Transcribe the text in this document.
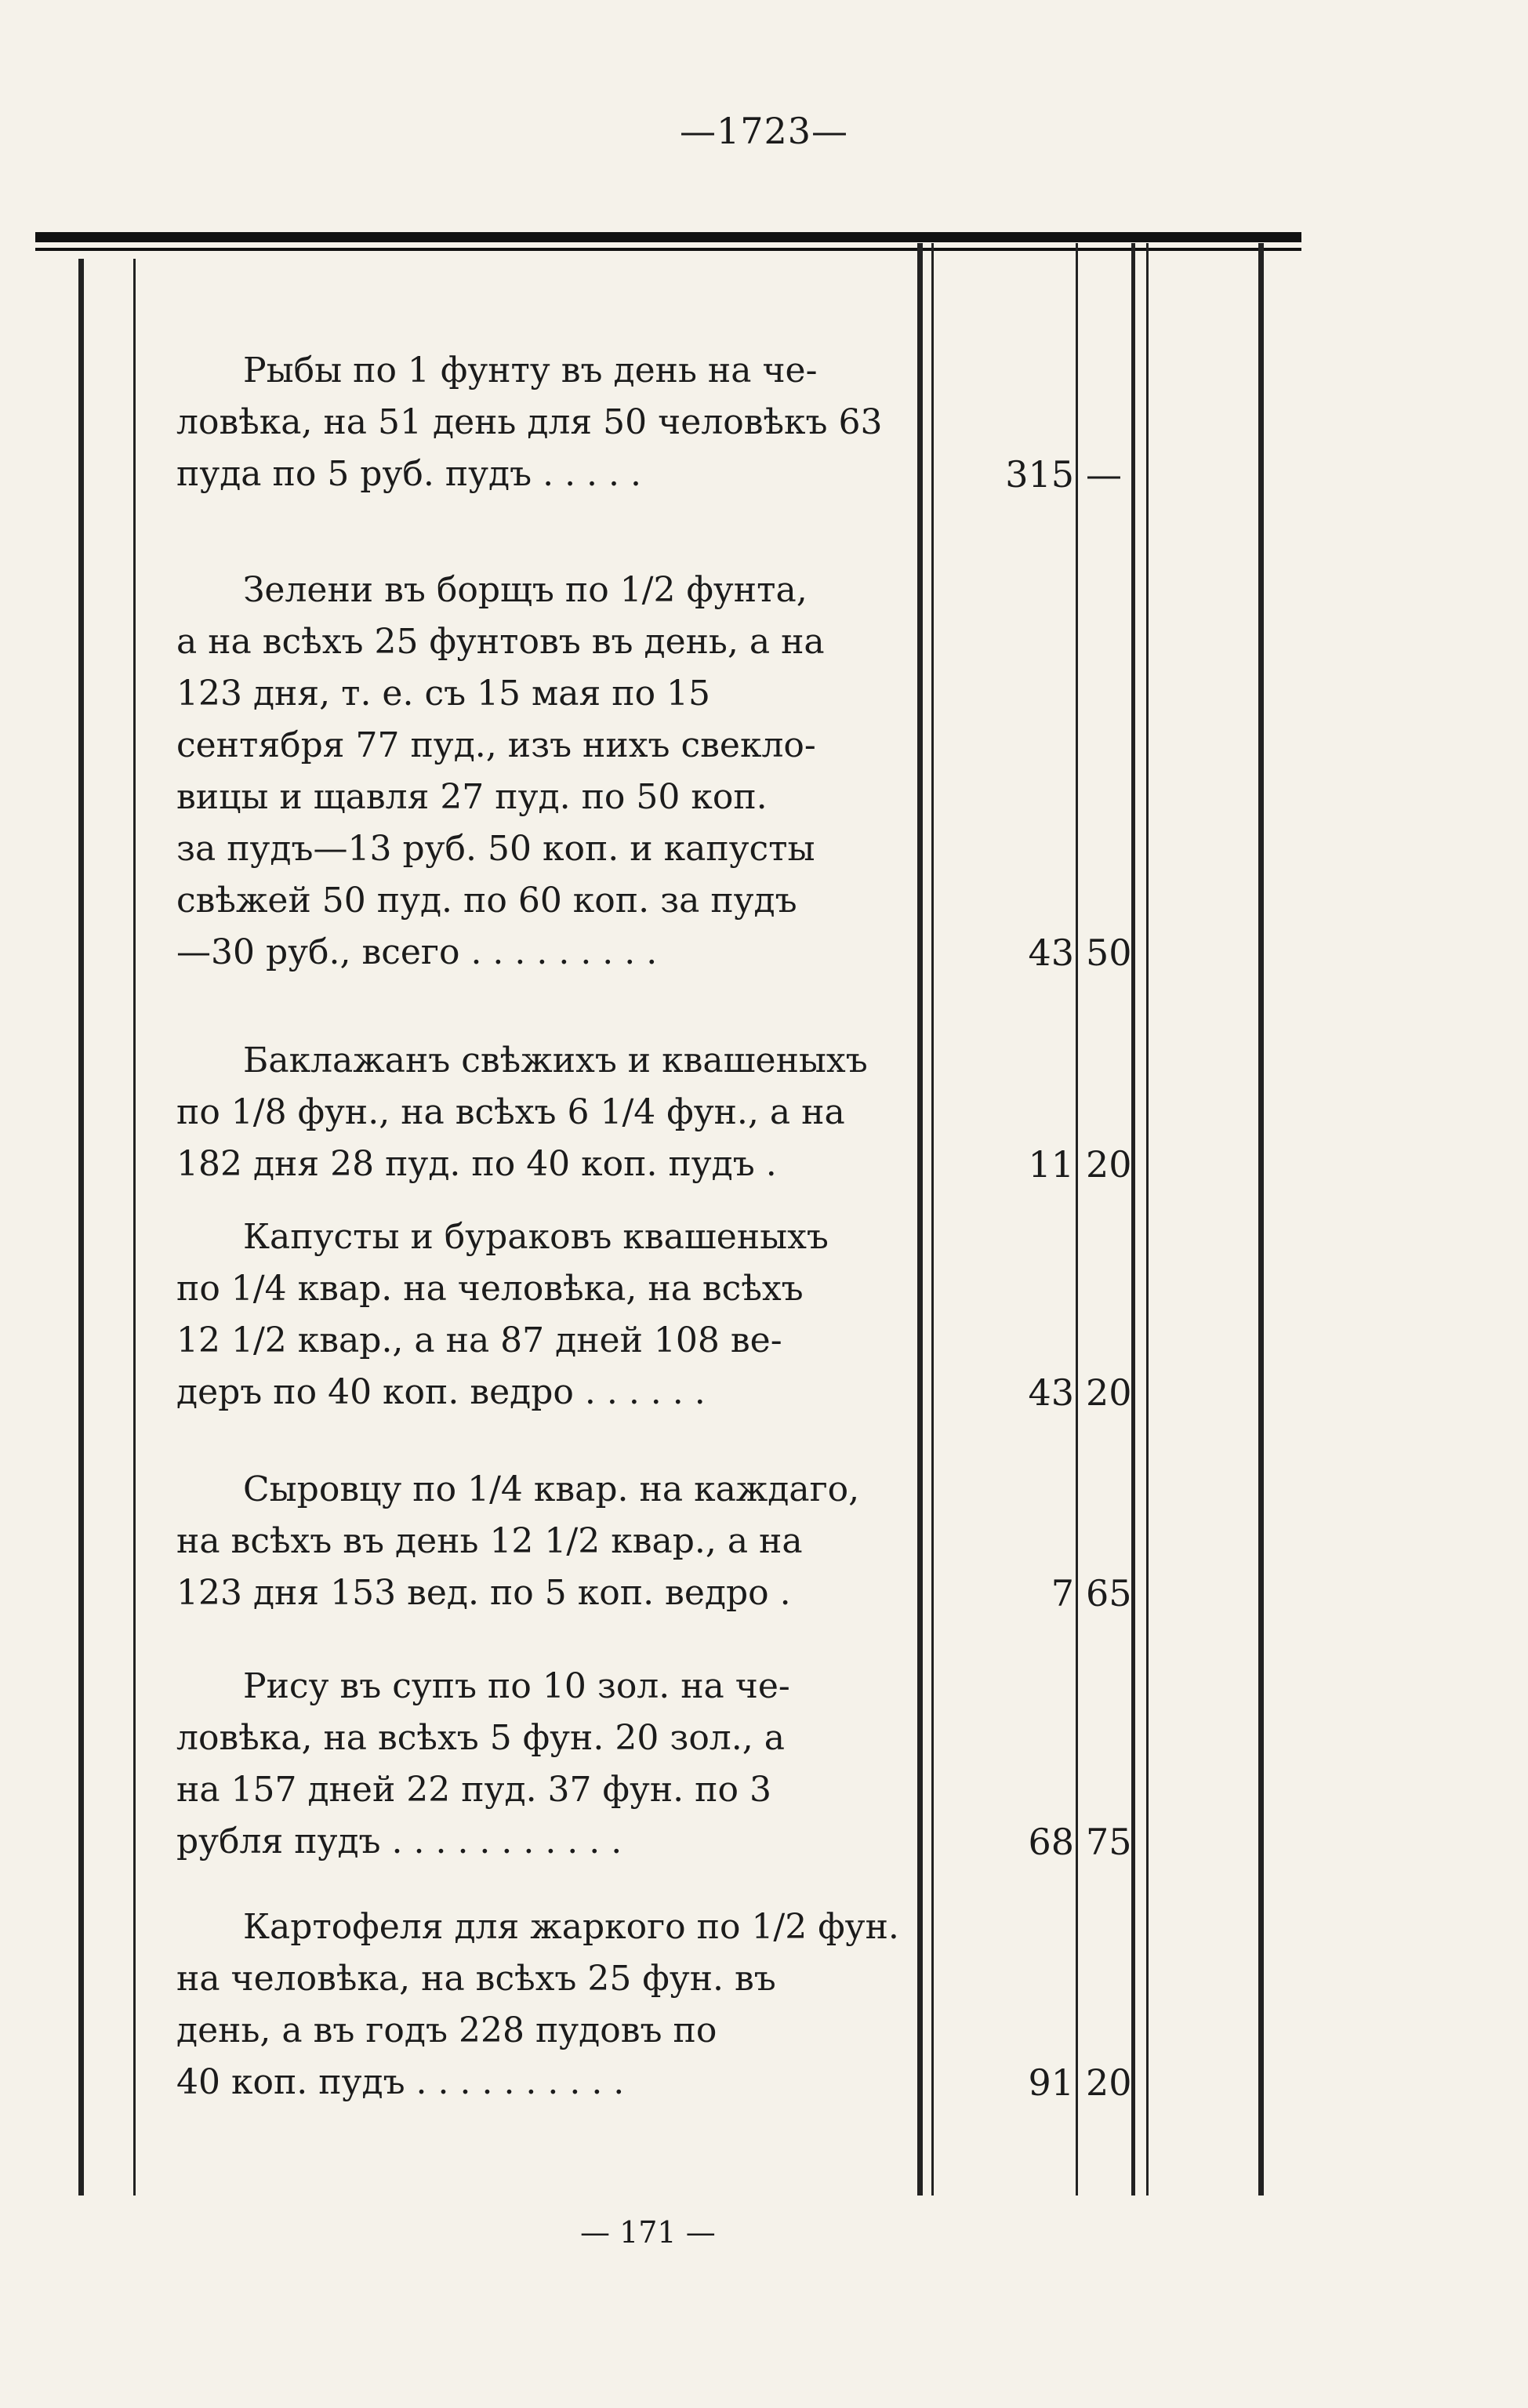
—1723—
Рыбы по 1 фунту въ день на че-
ловѣка, на 51 день для 50 человѣкъ 63
пуда по 5 руб. пудъ . . . . .	315 —
Зелени въ борщъ по 1/2 фунта,
а на всѣхъ 25 фунтовъ въ день, а на
123 дня, т. е. съ 15 мая по 15
сентября 77 пуд., изъ нихъ свекло-
вицы и щавля 27 пуд. по 50 коп.
за пудъ—13 руб. 50 коп. и капусты
свѣжей 50 пуд. по 60 коп. за пудъ
—30 руб., всего . . . . . . . . .	43 50
Баклажанъ свѣжихъ и квашеныхъ
по 1/8 фун., на всѣхъ 6 1/4 фун., а на
182 дня 28 пуд. по 40 коп. пудъ .	11 20
Капусты и бураковъ квашеныхъ
по 1/4 квар. на человѣка, на всѣхъ
12 1/2 квар., а на 87 дней 108 ве-
деръ по 40 коп. ведро . . . . . .	43 20
Сыровцу по 1/4 квар. на каждаго,
на всѣхъ въ день 12 1/2 квар., а на
123 дня 153 вед. по 5 коп. ведро .	7 65
Рису въ супъ по 10 зол. на че-
ловѣка, на всѣхъ 5 фун. 20 зол., а
на 157 дней 22 пуд. 37 фун. по 3
рубля пудъ . . . . . . . . . . .	68 75
Картофеля для жаркого по 1/2 фун.
на человѣка, на всѣхъ 25 фун. въ
день, а въ годъ 228 пудовъ по
40 коп. пудъ . . . . . . . . . .	91 20
— 171 —
